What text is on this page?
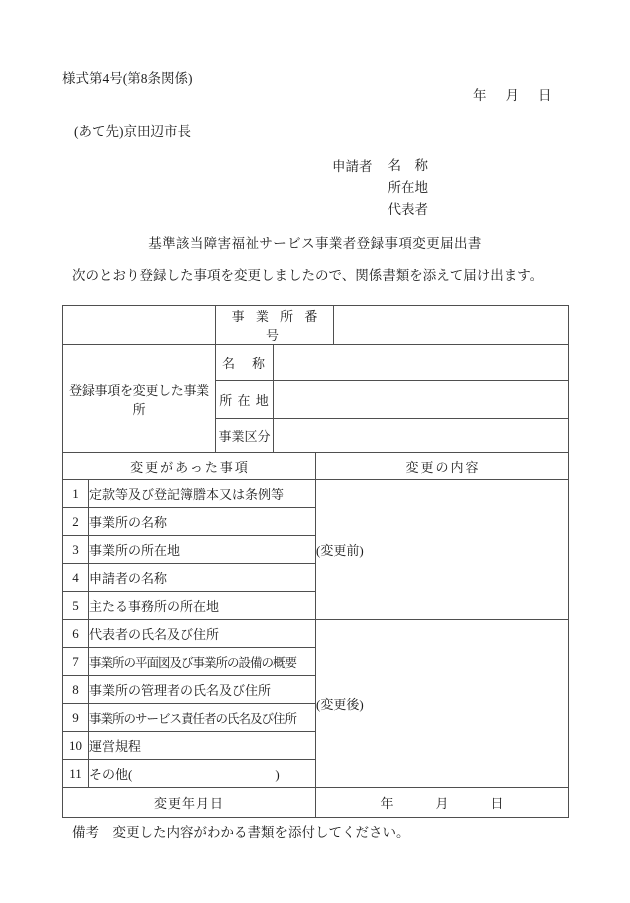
様式第4号(第8条関係)
年 月 日
(あて先)京田辺市長
申請者 名　称
所在地
代表者
基準該当障害福祉サービス事業者登録事項変更届出書
次のとおり登録した事項を変更しましたので、関係書類を添えて届け出ます。
		事 業 所 番 号			
登録事項を変更した事業所		名　称			
		所 在 地			
		事業区分			
変更があった事項				変更の内容	
1	定款等及び登記簿謄本又は条例等			(変更前)	
2	事業所の名称				
3	事業所の所在地				
4	申請者の名称				
5	主たる事務所の所在地				
6	代表者の氏名及び住所			(変更後)	
7	事業所の平面図及び事業所の設備の概要				
8	事業所の管理者の氏名及び住所				
9	事業所のサービス責任者の氏名及び住所				
10	運営規程				
11	その他(　　　　　　　　　　　)				
変更年月日				年 月 日	
備考　変更した内容がわかる書類を添付してください。
